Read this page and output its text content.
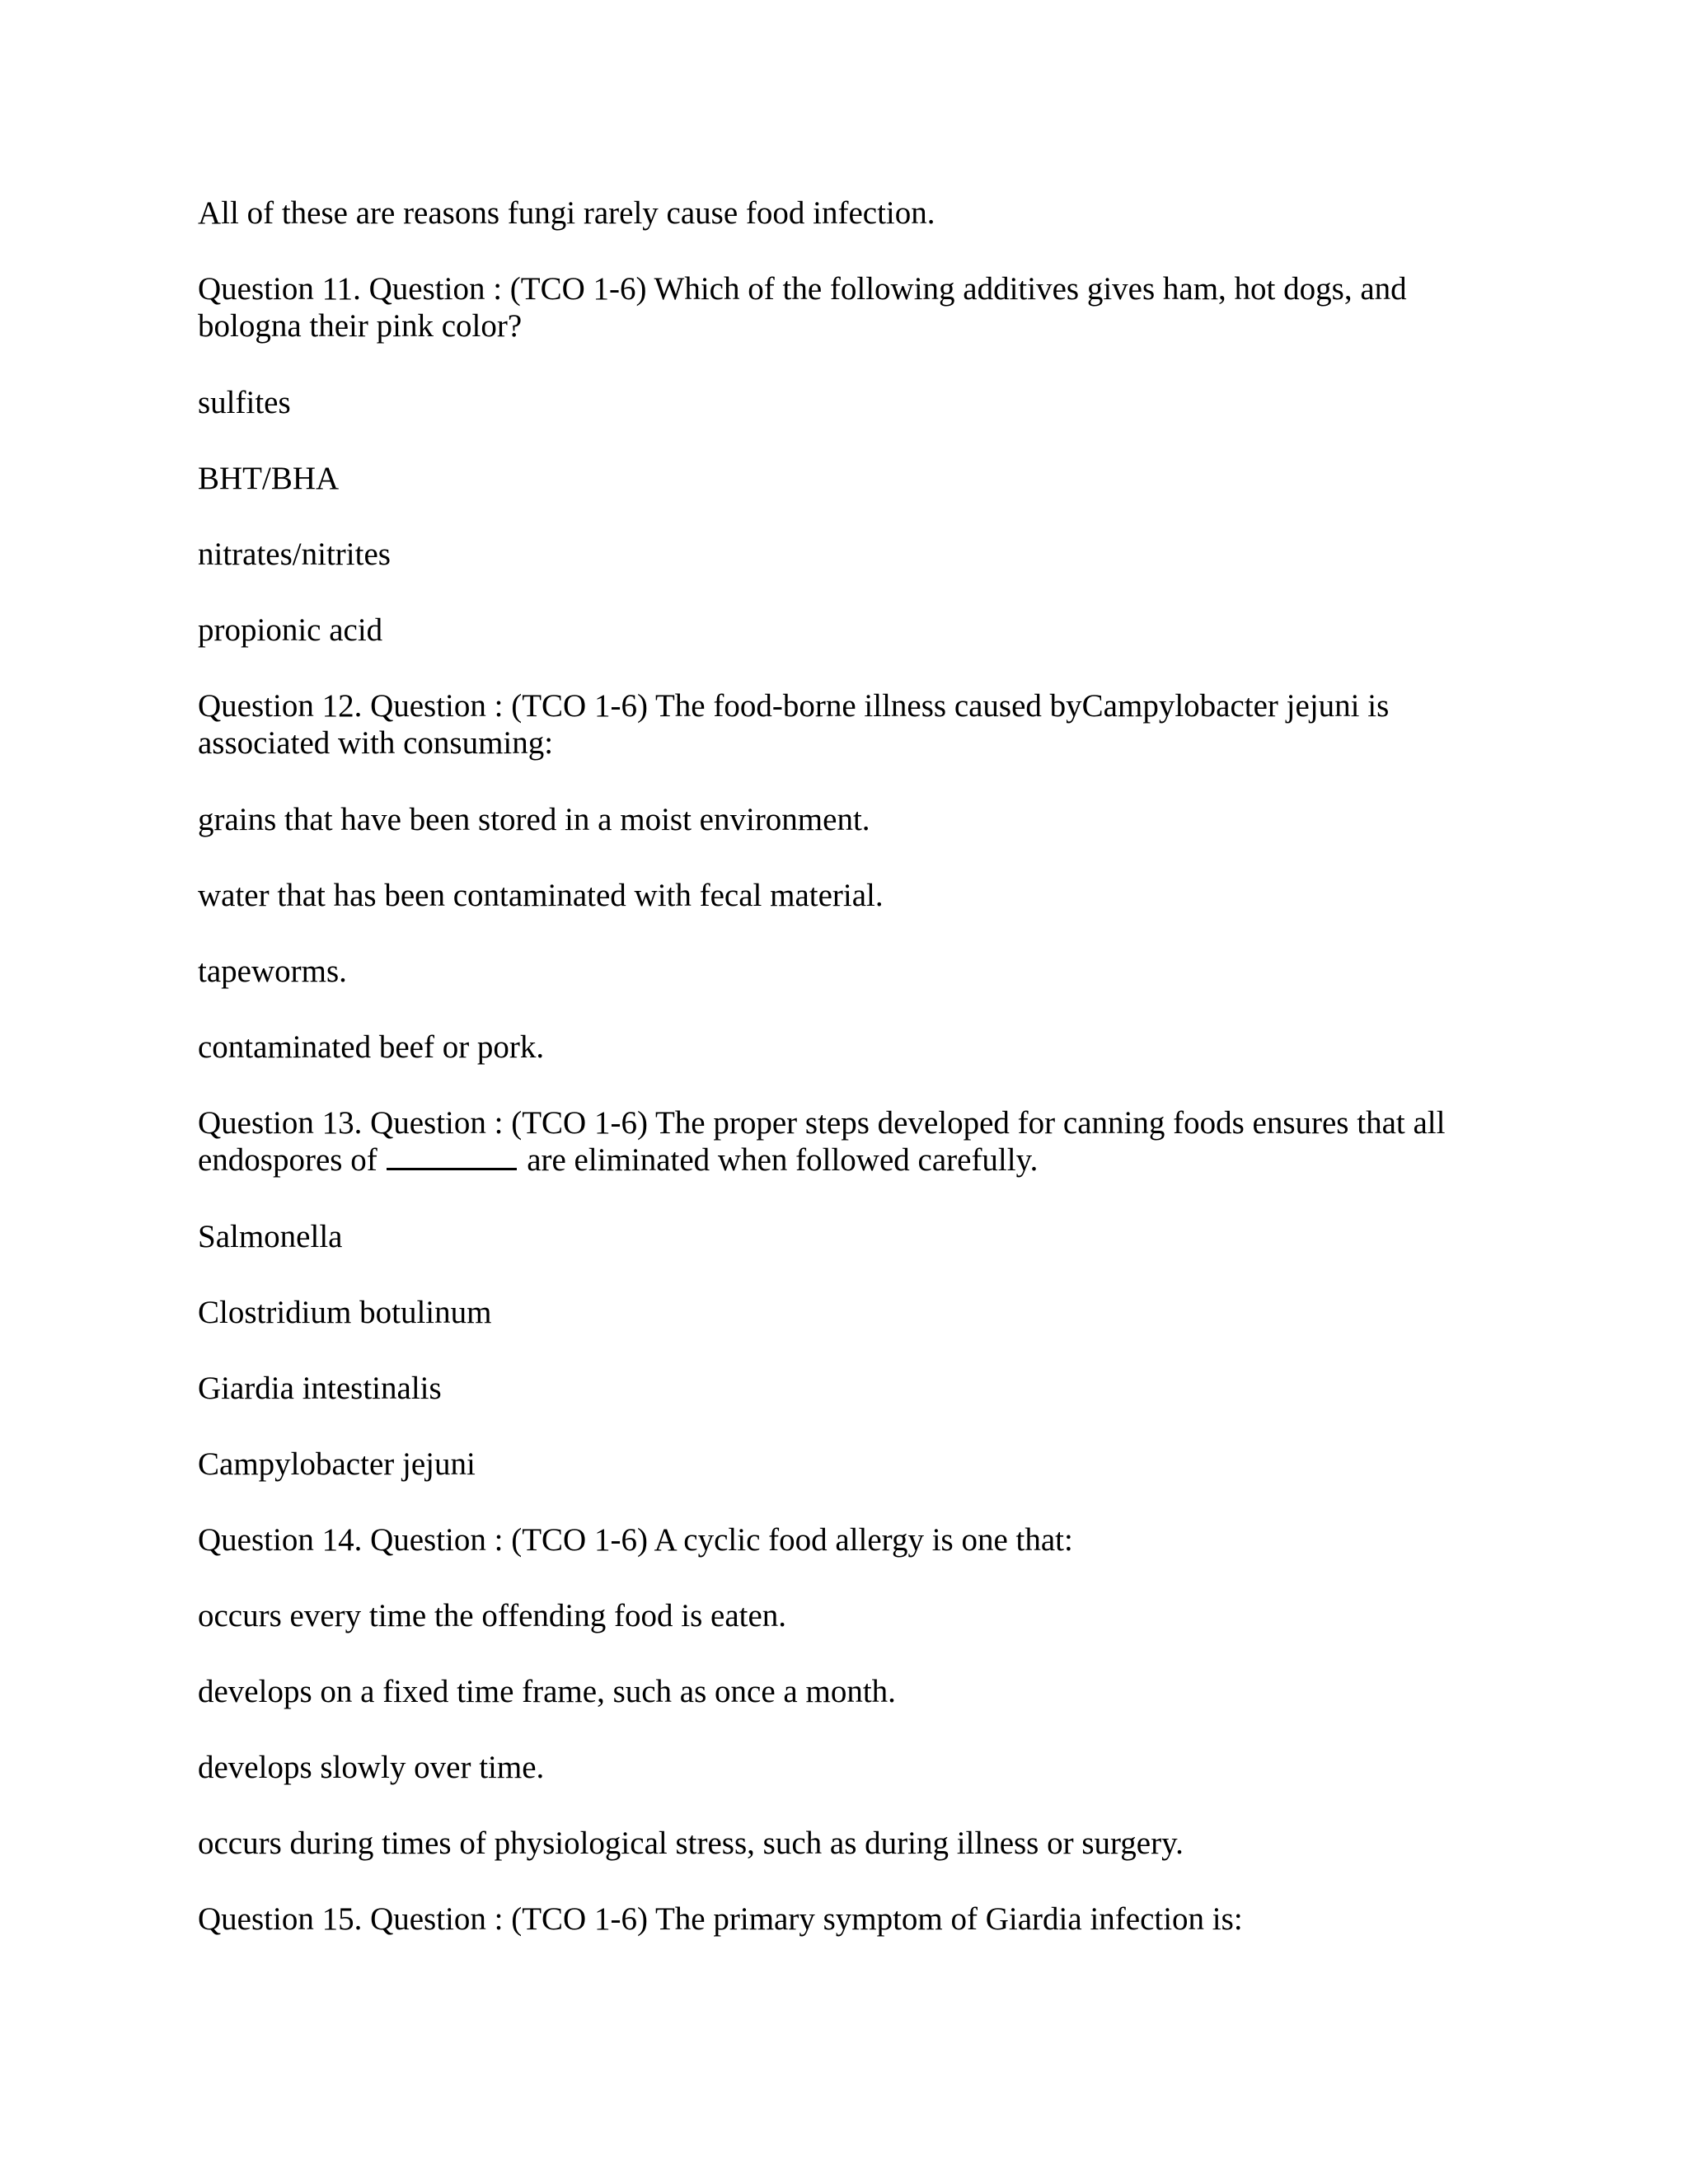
All of these are reasons fungi rarely cause food infection.

Question 11. Question : (TCO 1-6) Which of the following additives gives ham, hot dogs, and bologna their pink color?

sulfites

BHT/BHA

nitrates/nitrites

propionic acid

Question 12. Question : (TCO 1-6) The food-borne illness caused byCampylobacter jejuni is associated with consuming:

grains that have been stored in a moist environment.

water that has been contaminated with fecal material.

tapeworms.

contaminated beef or pork.

Question 13. Question : (TCO 1-6) The proper steps developed for canning foods ensures that all endospores of	are eliminated when followed carefully.

Salmonella

Clostridium botulinum

Giardia intestinalis

Campylobacter jejuni

Question 14. Question : (TCO 1-6) A cyclic food allergy is one that:

occurs every time the offending food is eaten.

develops on a fixed time frame, such as once a month.

develops slowly over time.

occurs during times of physiological stress, such as during illness or surgery.

Question 15. Question : (TCO 1-6) The primary symptom of Giardia infection is:
